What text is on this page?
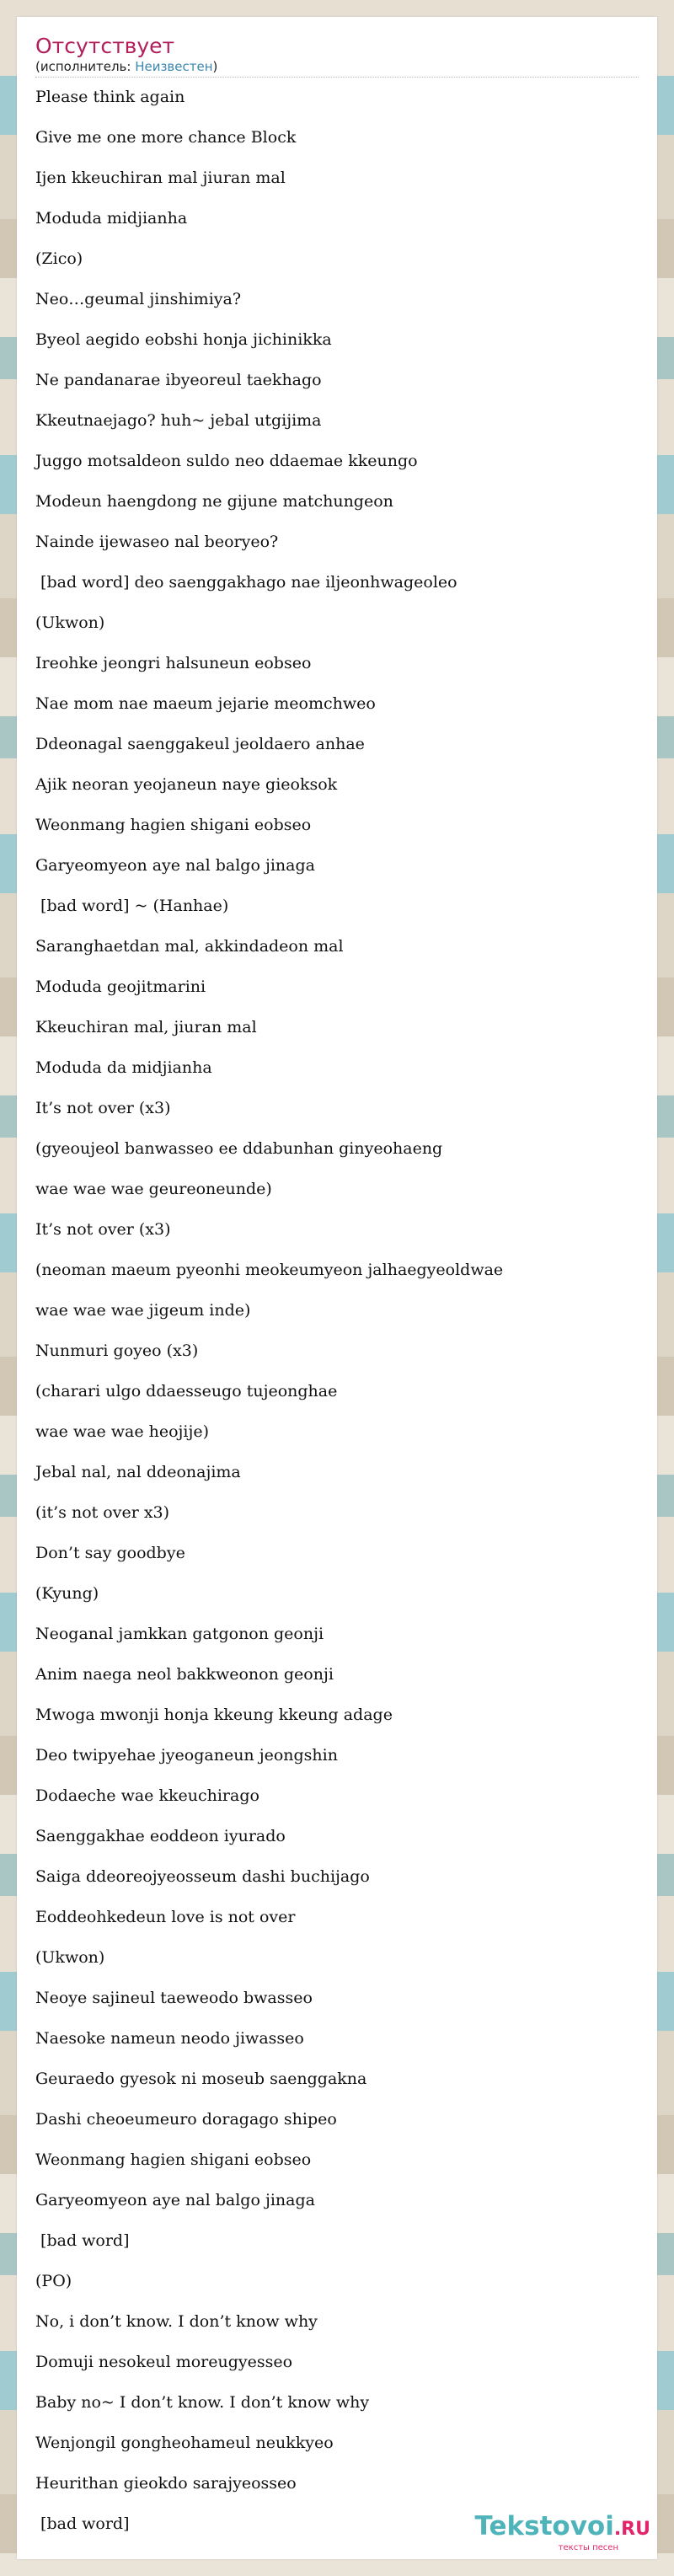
Отсутствует
(исполнитель: Неизвестен)
Please think again
Give me one more chance Block
Ijen kkeuchiran mal jiuran mal
Moduda midjianha
(Zico)
Neo…geumal jinshimiya?
Byeol aegido eobshi honja jichinikka
Ne pandanarae ibyeoreul taekhago
Kkeutnaejago? huh~ jebal utgijima
Juggo motsaldeon suldo neo ddaemae kkeungo
Modeun haengdong ne gijune matchungeon
Nainde ijewaseo nal beoryeo?
[bad word] deo saenggakhago nae iljeonhwageoleo
(Ukwon)
Ireohke jeongri halsuneun eobseo
Nae mom nae maeum jejarie meomchweo
Ddeonagal saenggakeul jeoldaero anhae
Ajik neoran yeojaneun naye gieoksok
Weonmang hagien shigani eobseo
Garyeomyeon aye nal balgo jinaga
[bad word] ~ (Hanhae)
Saranghaetdan mal, akkindadeon mal
Moduda geojitmarini
Kkeuchiran mal, jiuran mal
Moduda da midjianha
It’s not over (x3)
(gyeoujeol banwasseo ee ddabunhan ginyeohaeng
wae wae wae geureoneunde)
It’s not over (x3)
(neoman maeum pyeonhi meokeumyeon jalhaegyeoldwae
wae wae wae jigeum inde)
Nunmuri goyeo (x3)
(charari ulgo ddaesseugo tujeonghae
wae wae wae heojije)
Jebal nal, nal ddeonajima
(it’s not over x3)
Don’t say goodbye
(Kyung)
Neoganal jamkkan gatgonon geonji
Anim naega neol bakkweonon geonji
Mwoga mwonji honja kkeung kkeung adage
Deo twipyehae jyeoganeun jeongshin
Dodaeche wae kkeuchirago
Saenggakhae eoddeon iyurado
Saiga ddeoreojyeosseum dashi buchijago
Eoddeohkedeun love is not over
(Ukwon)
Neoye sajineul taeweodo bwasseo
Naesoke nameun neodo jiwasseo
Geuraedo gyesok ni moseub saenggakna
Dashi cheoeumeuro doragago shipeo
Weonmang hagien shigani eobseo
Garyeomyeon aye nal balgo jinaga
[bad word]
(PO)
No, i don’t know. I don’t know why
Domuji nesokeul moreugyesseo
Baby no~ I don’t know. I don’t know why
Wenjongil gongheohameul neukkyeo
Heurithan gieokdo sarajyeosseo
[bad word]	Tekstovoi.RU
тексты песен
